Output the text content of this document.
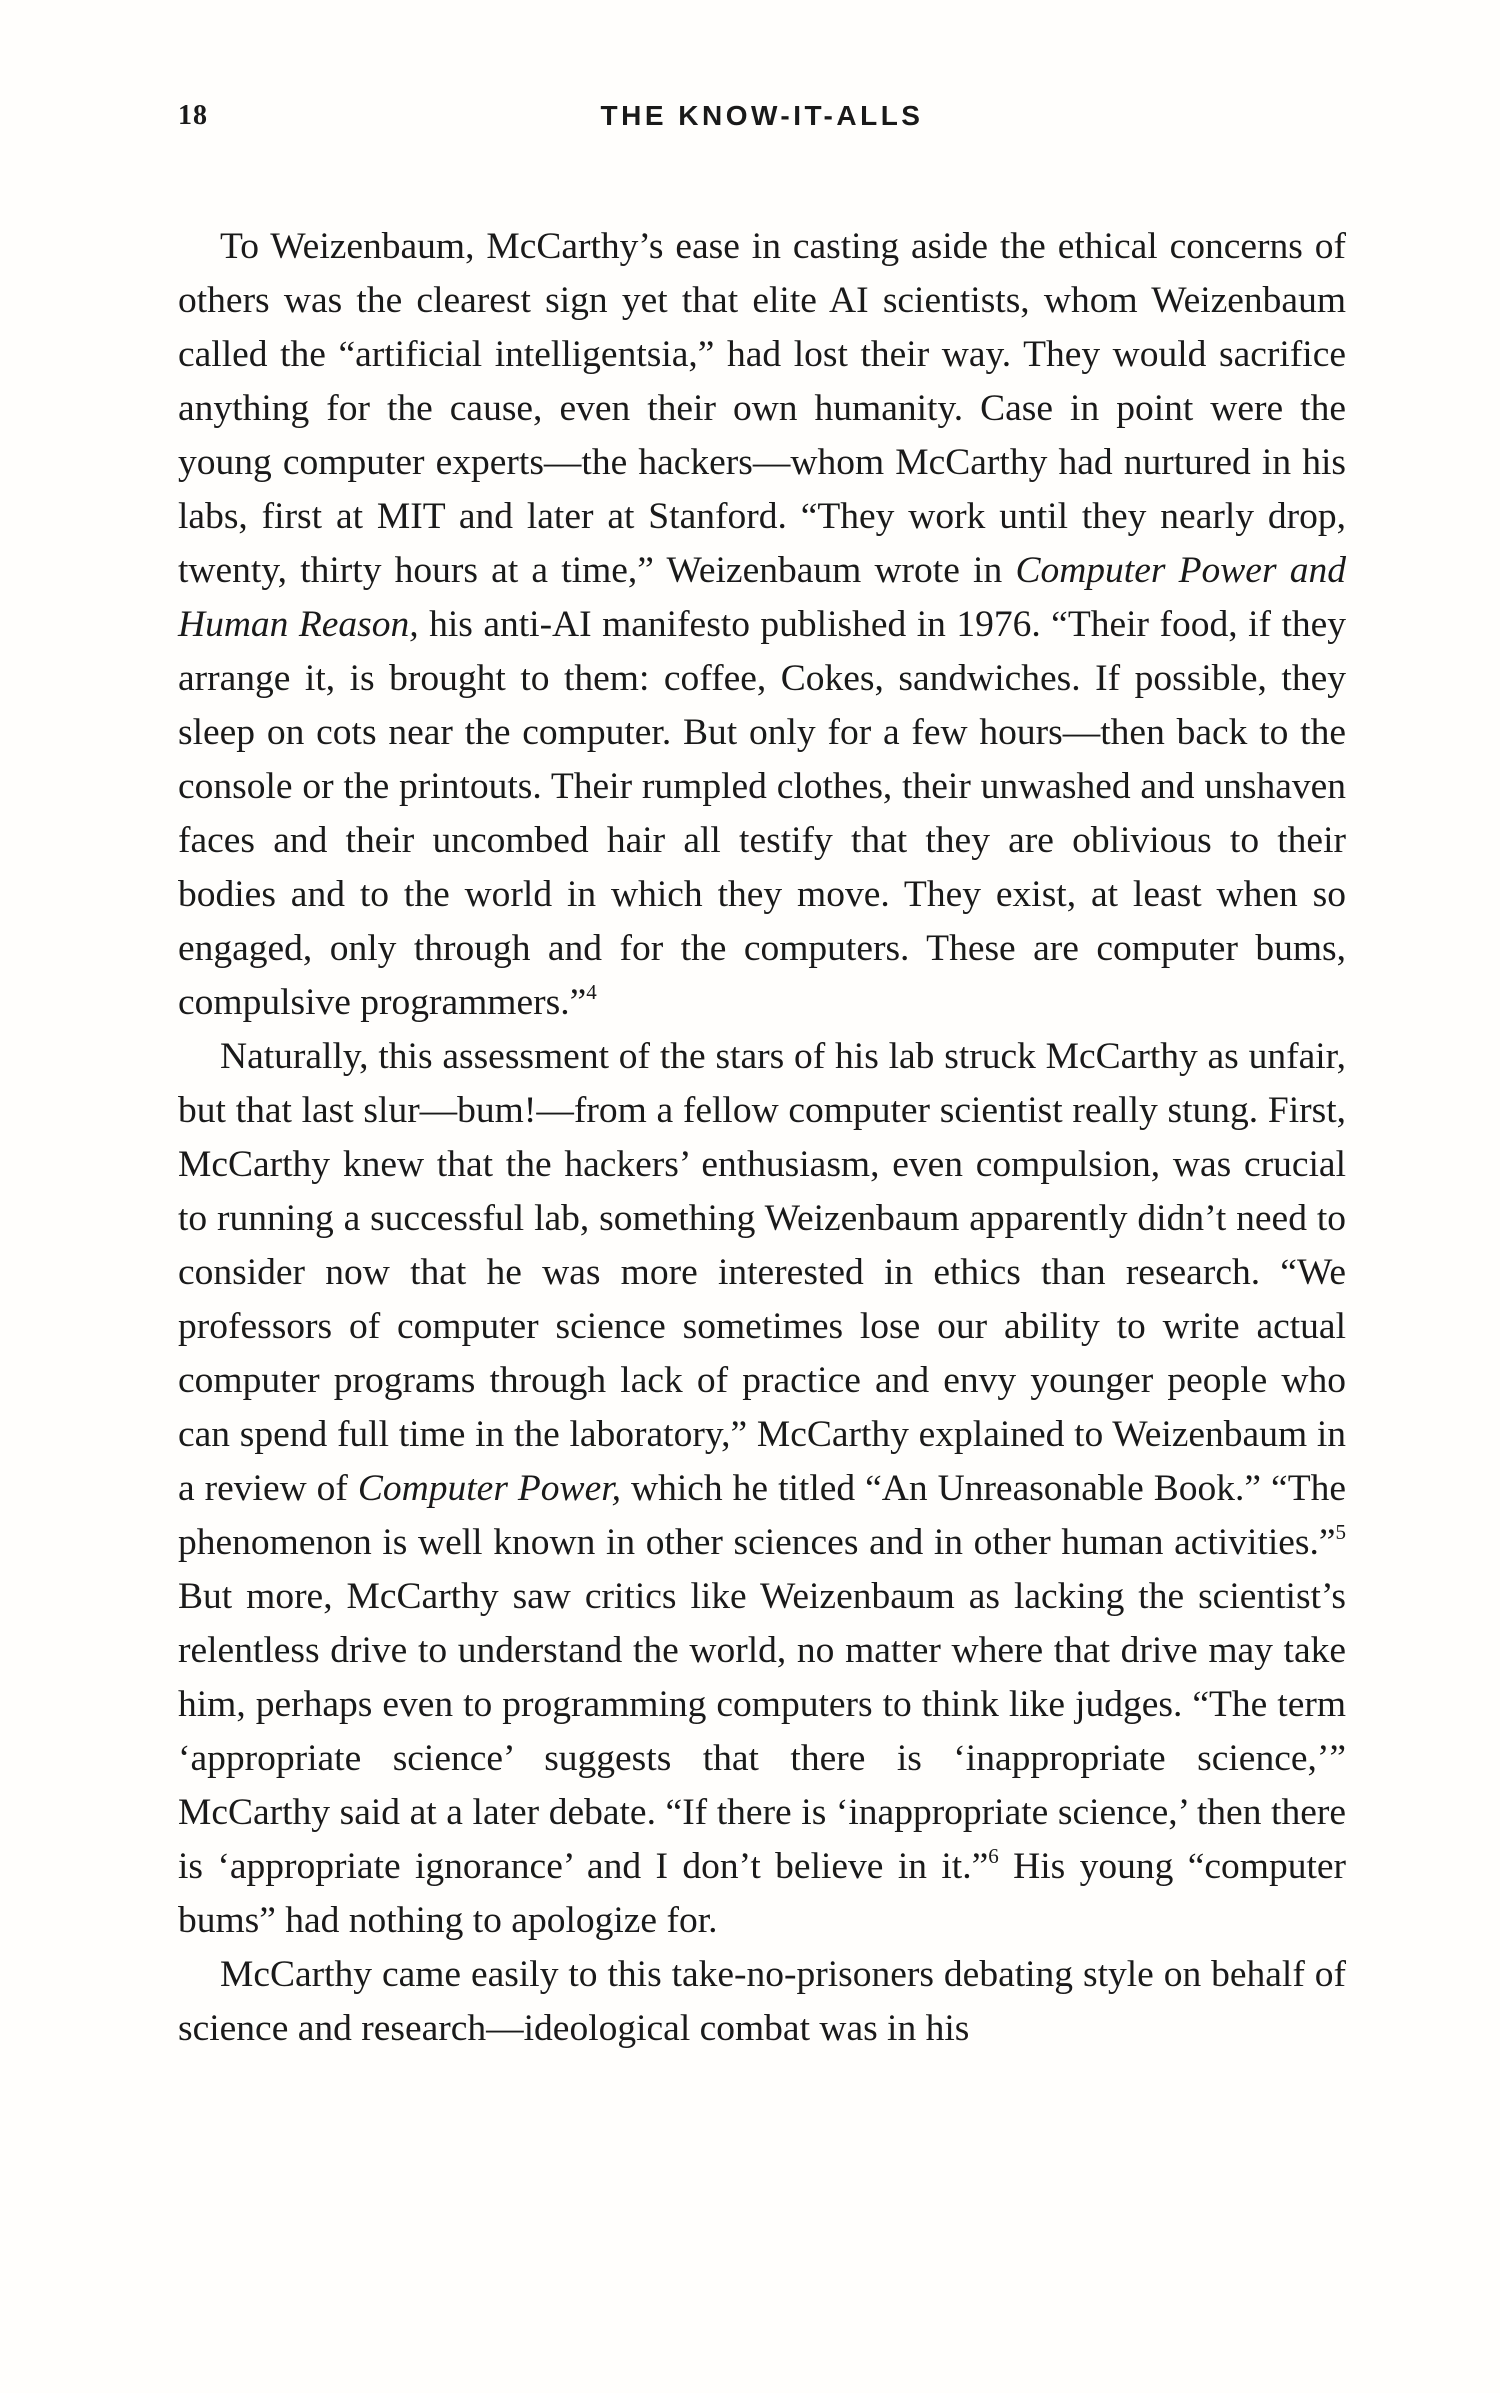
18	THE KNOW-IT-ALLS

To Weizenbaum, McCarthy’s ease in casting aside the ethical concerns of others was the clearest sign yet that elite AI scientists, whom Weizenbaum called the “artificial intelligentsia,” had lost their way. They would sacrifice anything for the cause, even their own humanity. Case in point were the young computer experts—the hackers—whom McCarthy had nurtured in his labs, first at MIT and later at Stanford. “They work until they nearly drop, twenty, thirty hours at a time,” Weizenbaum wrote in Computer Power and Human Reason, his anti-AI manifesto published in 1976. “Their food, if they arrange it, is brought to them: coffee, Cokes, sandwiches. If possible, they sleep on cots near the computer. But only for a few hours—then back to the console or the printouts. Their rumpled clothes, their unwashed and unshaven faces and their uncombed hair all testify that they are oblivious to their bodies and to the world in which they move. They exist, at least when so engaged, only through and for the computers. These are computer bums, compulsive programmers.”$^4$

Naturally, this assessment of the stars of his lab struck McCarthy as unfair, but that last slur—bum!—from a fellow computer scientist really stung. First, McCarthy knew that the hackers’ enthusiasm, even compulsion, was crucial to running a successful lab, something Weizenbaum apparently didn’t need to consider now that he was more interested in ethics than research. “We professors of computer science sometimes lose our ability to write actual computer programs through lack of practice and envy younger people who can spend full time in the laboratory,” McCarthy explained to Weizenbaum in a review of Computer Power, which he titled “An Unreasonable Book.” “The phenomenon is well known in other sciences and in other human activities.”$^5$ But more, McCarthy saw critics like Weizenbaum as lacking the scientist’s relentless drive to understand the world, no matter where that drive may take him, perhaps even to programming computers to think like judges. “The term ‘appropriate science’ suggests that there is ‘inappropriate science,’” McCarthy said at a later debate. “If there is ‘inappropriate science,’ then there is ‘appropriate ignorance’ and I don’t believe in it.”$^6$ His young “computer bums” had nothing to apologize for.

McCarthy came easily to this take-no-prisoners debating style on behalf of science and research—ideological combat was in his
